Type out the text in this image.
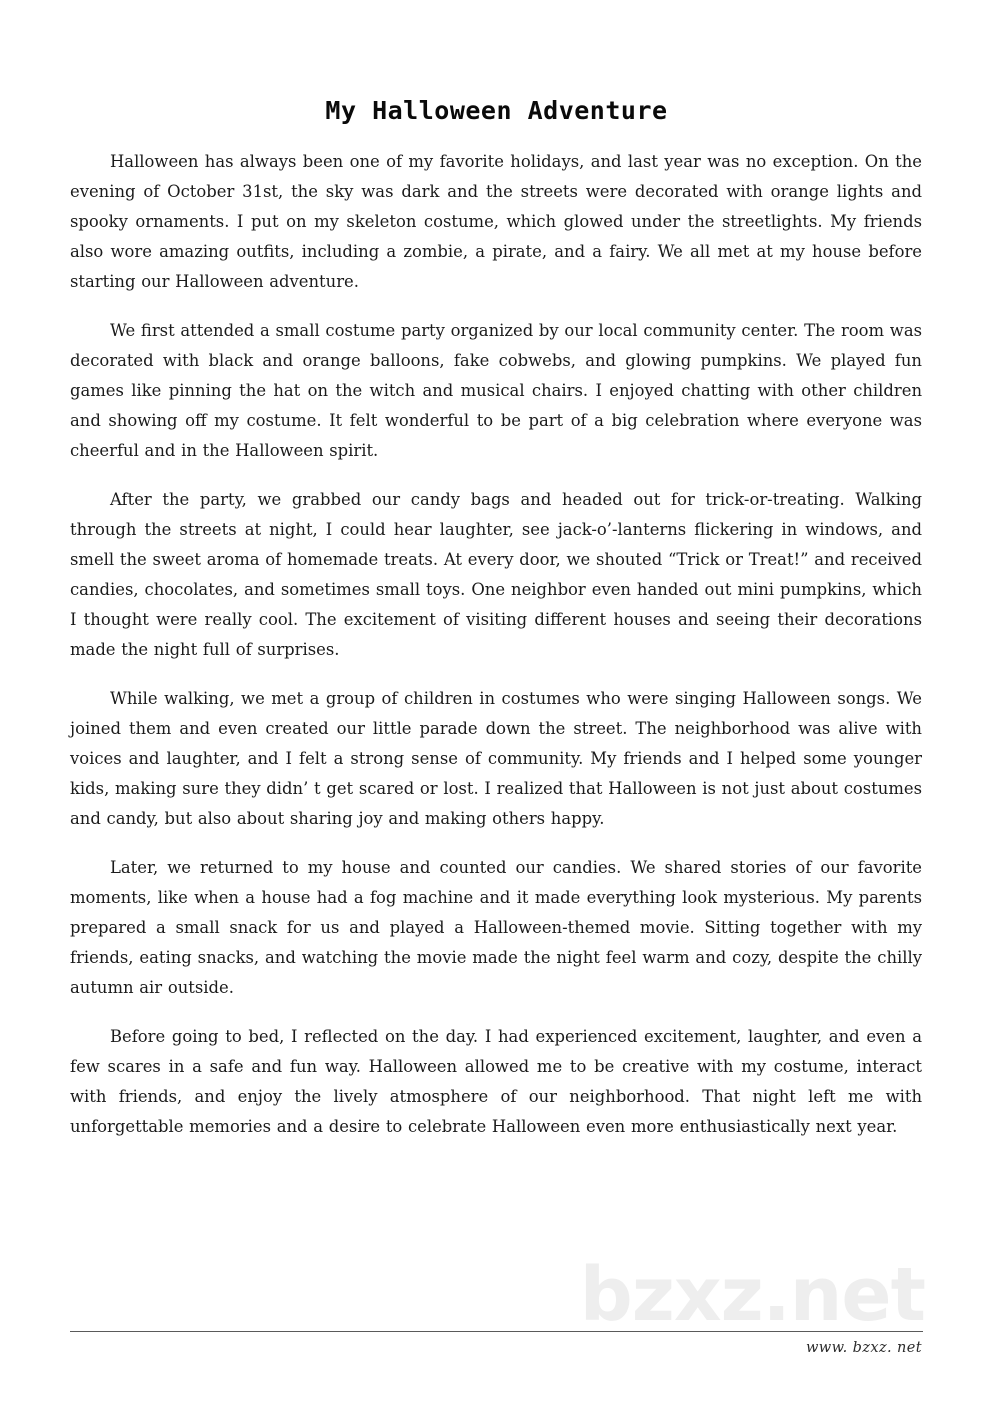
My Halloween Adventure

Halloween has always been one of my favorite holidays, and last year was no exception. On the evening of October 31st, the sky was dark and the streets were decorated with orange lights and spooky ornaments. I put on my skeleton costume, which glowed under the streetlights. My friends also wore amazing outfits, including a zombie, a pirate, and a fairy. We all met at my house before starting our Halloween adventure.

We first attended a small costume party organized by our local community center. The room was decorated with black and orange balloons, fake cobwebs, and glowing pumpkins. We played fun games like pinning the hat on the witch and musical chairs. I enjoyed chatting with other children and showing off my costume. It felt wonderful to be part of a big celebration where everyone was cheerful and in the Halloween spirit.

After the party, we grabbed our candy bags and headed out for trick-or-treating. Walking through the streets at night, I could hear laughter, see jack-o’-lanterns flickering in windows, and smell the sweet aroma of homemade treats. At every door, we shouted “Trick or Treat!” and received candies, chocolates, and sometimes small toys. One neighbor even handed out mini pumpkins, which I thought were really cool. The excitement of visiting different houses and seeing their decorations made the night full of surprises.

While walking, we met a group of children in costumes who were singing Halloween songs. We joined them and even created our little parade down the street. The neighborhood was alive with voices and laughter, and I felt a strong sense of community. My friends and I helped some younger kids, making sure they didn’ t get scared or lost. I realized that Halloween is not just about costumes and candy, but also about sharing joy and making others happy.

Later, we returned to my house and counted our candies. We shared stories of our favorite moments, like when a house had a fog machine and it made everything look mysterious. My parents prepared a small snack for us and played a Halloween-themed movie. Sitting together with my friends, eating snacks, and watching the movie made the night feel warm and cozy, despite the chilly autumn air outside.

Before going to bed, I reflected on the day. I had experienced excitement, laughter, and even a few scares in a safe and fun way. Halloween allowed me to be creative with my costume, interact with friends, and enjoy the lively atmosphere of our neighborhood. That night left me with unforgettable memories and a desire to celebrate Halloween even more enthusiastically next year.

bzxz.net
www. bzxz. net
